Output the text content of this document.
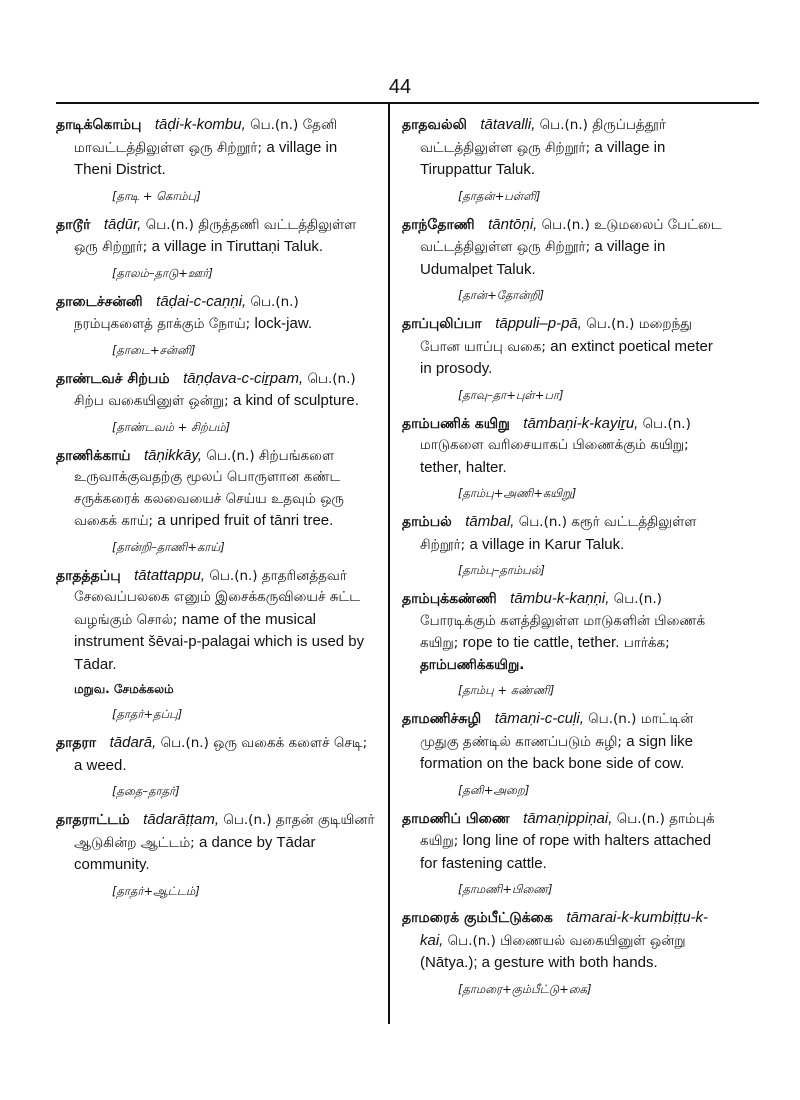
44

தாடிக்கொம்பு  tāḍi-k-kombu, பெ.(n.) தேனி மாவட்டத்திலுள்ள ஒரு சிற்றூர்; a village in Theni District.

[தாடி + கொம்பு]

தாடூர்  tāḍūr, பெ.(n.) திருத்தணி வட்டத்திலுள்ள ஒரு சிற்றூர்; a village in Tiruttaṇi Taluk.

[தாலம்–தாடு+ஊர்]

தாடைச்சன்னி  tāḍai-c-caṇṇi, பெ.(n.) நரம்புகளைத் தாக்கும் நோய்; lock-jaw.

[தாடை+சன்னி]

தாண்டவச் சிற்பம்  tāṇḍava-c-ciṟpam, பெ.(n.) சிற்ப வகையினுள் ஒன்று; a kind of sculpture.

[தாண்டவம் + சிற்பம்]

தாணிக்காய்  tāṇikkāy, பெ.(n.) சிற்பங்களை உருவாக்குவதற்கு மூலப் பொருளான கண்ட சருக்கரைக் கலவையைச் செய்ய உதவும் ஒரு வகைக் காய்; a unriped fruit of tānri tree.

[தான்றி–தாணி+காய்]

தாதத்தப்பு  tātattappu, பெ.(n.) தாதரினத்தவர் சேவைப்பலகை எனும் இசைக்கருவியைச் சுட்ட வழங்கும் சொல்; name of the musical instrument šēvai-p-palagai which is used by Tādar.

மறுவ. சேமக்கலம்
[தாதர்+தப்பு]

தாதரா  tādarā, பெ.(n.) ஒரு வகைக் களைச் செடி; a weed.

[ததை–தாதர்]

தாதராட்டம்  tādarāṭṭam, பெ.(n.) தாதன் குடியினர் ஆடுகின்ற ஆட்டம்; a dance by Tādar community.

[தாதர்+ஆட்டம்]

தாதவல்லி  tātavalli, பெ.(n.) திருப்பத்தூர் வட்டத்திலுள்ள ஒரு சிற்றூர்; a village in Tiruppattur Taluk.

[தாதன்+பள்ளி]

தாந்தோணி  tāntōṇi, பெ.(n.) உடுமலைப் பேட்டை வட்டத்திலுள்ள ஒரு சிற்றூர்; a village in Udumalpet Taluk.

[தான்+தோன்றி]

தாப்புலிப்பா  tāppuli–p-pā, பெ.(n.) மறைந்து போன யாப்பு வகை; an extinct poetical meter in prosody.

[தாவு–தா+புள்+பா]

தாம்பணிக் கயிறு  tāmbaṇi-k-kayiṟu, பெ.(n.) மாடுகளை வரிசையாகப் பிணைக்கும் கயிறு; tether, halter.

[தாம்பு+அணி+கயிறு]

தாம்பல்  tāmbal, பெ.(n.) கரூர் வட்டத்திலுள்ள சிற்றூர்; a village in Karur Taluk.

[தாம்பு–தாம்பல்]

தாம்புக்கண்ணி  tāmbu-k-kaṇṇi, பெ.(n.) போரடிக்கும் களத்திலுள்ள மாடுகளின் பிணைக் கயிறு; rope to tie cattle, tether. பார்க்க; தாம்பணிக்கயிறு.

[தாம்பு + கண்ணி]

தாமணிச்சுழி  tāmaṇi-c-cuḷi, பெ.(n.) மாட்டின் முதுகு தண்டில் காணப்படும் சுழி; a sign like formation on the back bone side of cow.

[தனி+அறை]

தாமணிப் பிணை  tāmaṇippiṇai, பெ.(n.) தாம்புக் கயிறு; long line of rope with halters attached for fastening cattle.

[தாமணி+பிணை]

தாமரைக் கும்பீட்டுக்கை  tāmarai-k-kumbiṭṭu-k-kai, பெ.(n.) பிணையல் வகையினுள் ஒன்று (Nātya.); a gesture with both hands.

[தாமரை+கும்பீட்டு+கை]
